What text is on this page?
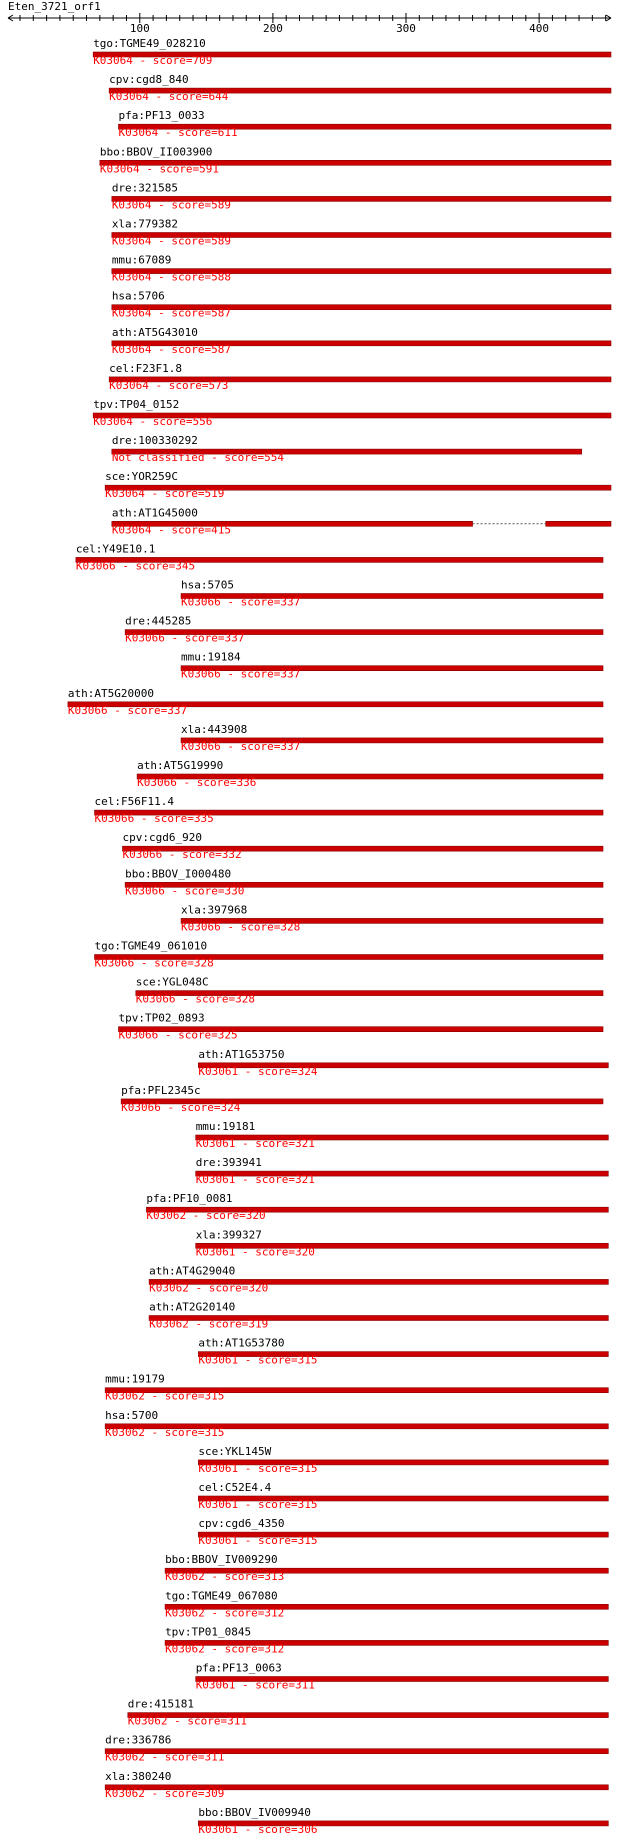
Eten_3721_orf1
100	200	300	400
tgo:TGME49_028210
K03064 - score=709
cpv:cgd8_840
K03064 - score=644
pfa:PF13_0033
K03064 - score=611
bbo:BBOV_II003900
K03064 - score=591
dre:321585
K03064 - score=589
xla:779382
K03064 - score=589
mmu:67089
K03064 - score=588
hsa:5706
K03064 - score=587
ath:AT5G43010
K03064 - score=587
cel:F23F1.8
K03064 - score=573
tpv:TP04_0152
K03064 - score=556
dre:100330292
Not classified - score=554
sce:YOR259C
K03064 - score=519
ath:AT1G45000
K03064 - score=415
cel:Y49E10.1
K03066 - score=345
hsa:5705
K03066 - score=337
dre:445285
K03066 - score=337
mmu:19184
K03066 - score=337
ath:AT5G20000
K03066 - score=337
xla:443908
K03066 - score=337
ath:AT5G19990
K03066 - score=336
cel:F56F11.4
K03066 - score=335
cpv:cgd6_920
K03066 - score=332
bbo:BBOV_I000480
K03066 - score=330
xla:397968
K03066 - score=328
tgo:TGME49_061010
K03066 - score=328
sce:YGL048C
K03066 - score=328
tpv:TP02_0893
K03066 - score=325
ath:AT1G53750
K03061 - score=324
pfa:PFL2345c
K03066 - score=324
mmu:19181
K03061 - score=321
dre:393941
K03061 - score=321
pfa:PF10_0081
K03062 - score=320
xla:399327
K03061 - score=320
ath:AT4G29040
K03062 - score=320
ath:AT2G20140
K03062 - score=319
ath:AT1G53780
K03061 - score=315
mmu:19179
K03062 - score=315
hsa:5700
K03062 - score=315
sce:YKL145W
K03061 - score=315
cel:C52E4.4
K03061 - score=315
cpv:cgd6_4350
K03061 - score=315
bbo:BBOV_IV009290
K03062 - score=313
tgo:TGME49_067080
K03062 - score=312
tpv:TP01_0845
K03062 - score=312
pfa:PF13_0063
K03061 - score=311
dre:415181
K03062 - score=311
dre:336786
K03062 - score=311
xla:380240
K03062 - score=309
bbo:BBOV_IV009940
K03061 - score=306
